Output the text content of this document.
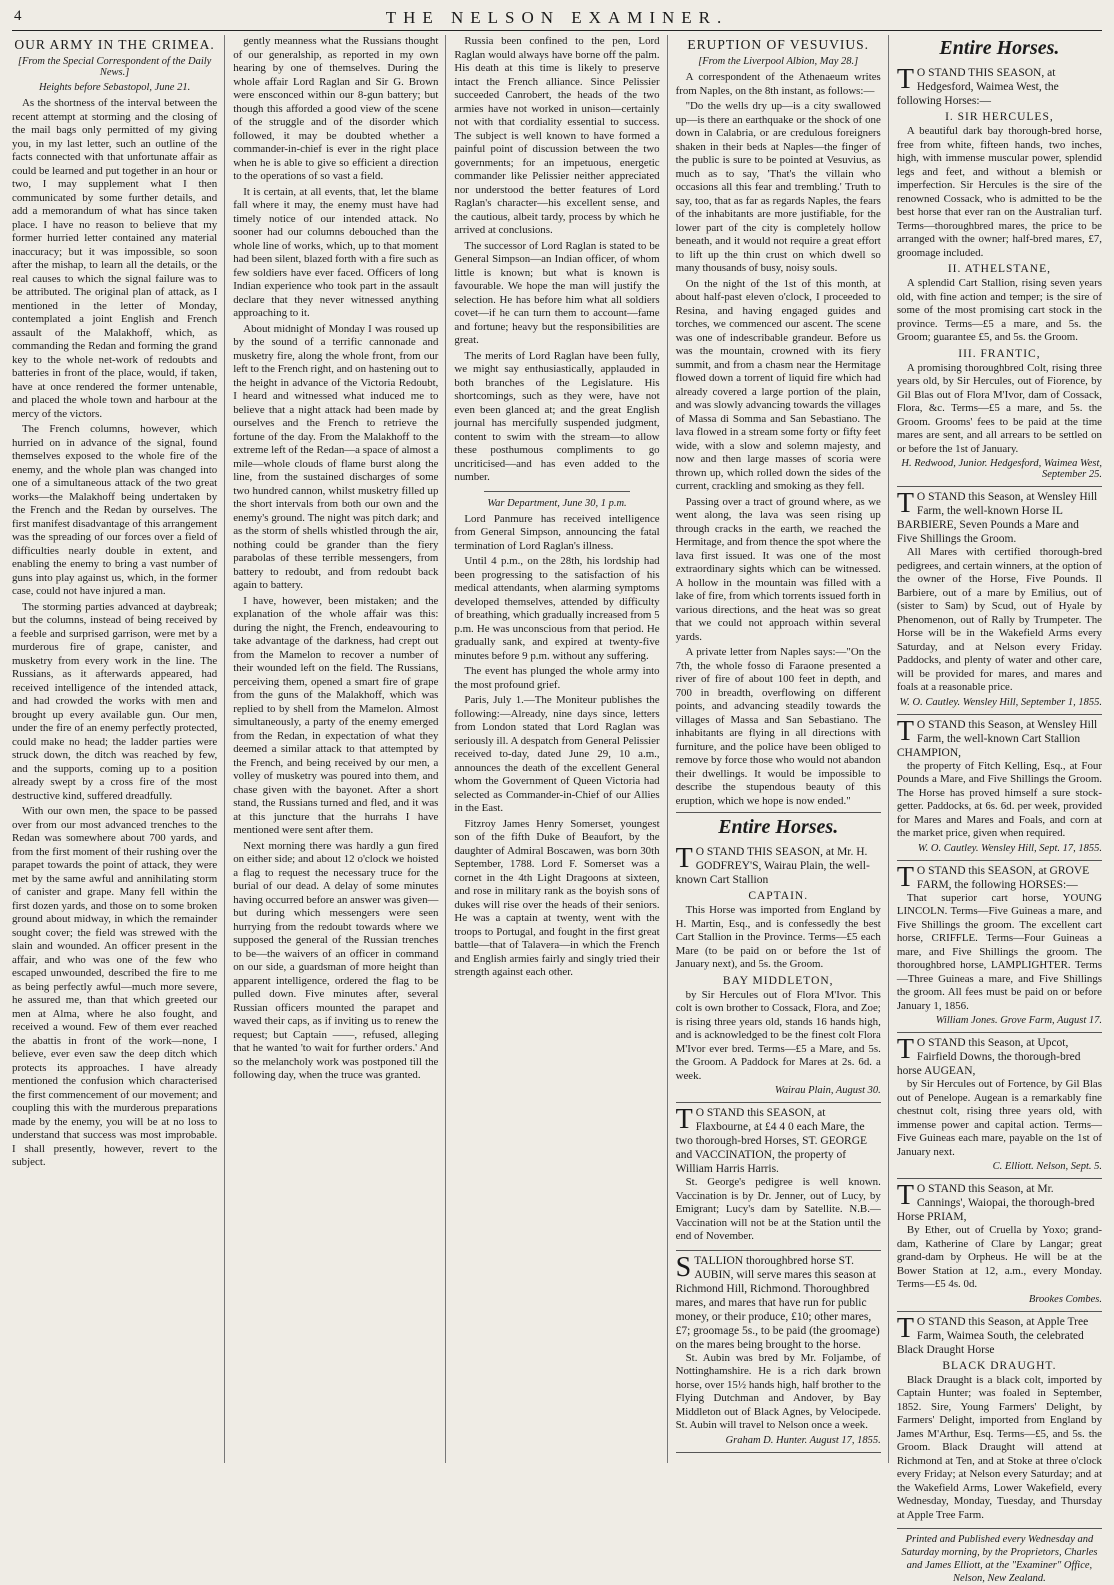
4	THE NELSON EXAMINER.
OUR ARMY IN THE CRIMEA.
[From the Special Correspondent of the Daily News.]
Heights before Sebastopol, June 21.

As the shortness of the interval between the recent attempt at storming and the closing of the mail bags only permitted of my giving you, in my last letter, such an outline of the facts connected with that unfortunate affair as could be learned and put together in an hour or two, I may supplement what I then communicated by some further details, and add a memorandum of what has since taken place. I have no reason to believe that my former hurried letter contained any material inaccuracy; but it was impossible, so soon after the mishap, to learn all the details, or the real causes to which the signal failure was to be attributed. The original plan of attack, as I mentioned in the letter of Monday, contemplated a joint English and French assault of the Malakhoff, which, as commanding the Redan and forming the grand key to the whole net-work of redoubts and batteries in front of the place, would, if taken, have at once rendered the former untenable, and placed the whole town and harbour at the mercy of the victors.

The French columns, however, which hurried on in advance of the signal, found themselves exposed to the whole fire of the enemy, and the whole plan was changed into one of a simultaneous attack of the two great works—the Malakhoff being undertaken by the French and the Redan by ourselves. The first manifest disadvantage of this arrangement was the spreading of our forces over a field of difficulties nearly double in extent, and enabling the enemy to bring a vast number of guns into play against us, which, in the former case, could not have injured a man.

The storming parties advanced at daybreak; but the columns, instead of being received by a feeble and surprised garrison, were met by a murderous fire of grape, canister, and musketry from every work in the line. The Russians, as it afterwards appeared, had received intelligence of the intended attack, and had crowded the works with men and brought up every available gun. Our men, under the fire of an enemy perfectly protected, could make no head; the ladder parties were struck down, the ditch was reached by few, and the supports, coming up to a position already swept by a cross fire of the most destructive kind, suffered dreadfully.

With our own men, the space to be passed over from our most advanced trenches to the Redan was somewhere about 700 yards, and from the first moment of their rushing over the parapet towards the point of attack, they were met by the same awful and annihilating storm of canister and grape. Many fell within the first dozen yards, and those on to some broken ground about midway, in which the remainder sought cover; the field was strewed with the slain and wounded. An officer present in the affair, and who was one of the few who escaped unwounded, described the fire to me as being perfectly awful—much more severe, he assured me, than that which greeted our men at Alma, where he also fought, and received a wound. Few of them ever reached the abattis in front of the work—none, I believe, ever even saw the deep ditch which protects its approaches. I have already mentioned the confusion which characterised the first commencement of our movement; and coupling this with the murderous preparations made by the enemy, you will be at no loss to understand that success was most improbable. I shall presently, however, revert to the subject.

gently meanness what the Russians thought of our generalship, as reported in my own hearing by one of themselves. During the whole affair Lord Raglan and Sir G. Brown were ensconced within our 8-gun battery; but though this afforded a good view of the scene of the struggle and of the disorder which followed, it may be doubted whether a commander-in-chief is ever in the right place when he is able to give so efficient a direction to the operations of so vast a field.

It is certain, at all events, that, let the blame fall where it may, the enemy must have had timely notice of our intended attack. No sooner had our columns debouched than the whole line of works, which, up to that moment had been silent, blazed forth with a fire such as few soldiers have ever faced. Officers of long Indian experience who took part in the assault declare that they never witnessed anything approaching to it.

About midnight of Monday I was roused up by the sound of a terrific cannonade and musketry fire, along the whole front, from our left to the French right, and on hastening out to the height in advance of the Victoria Redoubt, I heard and witnessed what induced me to believe that a night attack had been made by ourselves and the French to retrieve the fortune of the day. From the Malakhoff to the extreme left of the Redan—a space of almost a mile—whole clouds of flame burst along the line, from the sustained discharges of some two hundred cannon, whilst musketry filled up the short intervals from both our own and the enemy's ground. The night was pitch dark; and as the storm of shells whistled through the air, nothing could be grander than the fiery parabolas of these terrible messengers, from battery to redoubt, and from redoubt back again to battery.

I have, however, been mistaken; and the explanation of the whole affair was this: during the night, the French, endeavouring to take advantage of the darkness, had crept out from the Mamelon to recover a number of their wounded left on the field. The Russians, perceiving them, opened a smart fire of grape from the guns of the Malakhoff, which was replied to by shell from the Mamelon. Almost simultaneously, a party of the enemy emerged from the Redan, in expectation of what they deemed a similar attack to that attempted by the French, and being received by our men, a volley of musketry was poured into them, and chase given with the bayonet. After a short stand, the Russians turned and fled, and it was at this juncture that the hurrahs I have mentioned were sent after them.

Next morning there was hardly a gun fired on either side; and about 12 o'clock we hoisted a flag to request the necessary truce for the burial of our dead. A delay of some minutes having occurred before an answer was given—but during which messengers were seen hurrying from the redoubt towards where we supposed the general of the Russian trenches to be—the waivers of an officer in command on our side, a guardsman of more height than apparent intelligence, ordered the flag to be pulled down. Five minutes after, several Russian officers mounted the parapet and waved their caps, as if inviting us to renew the request; but Captain ——, refused, alleging that he wanted 'to wait for further orders.' And so the melancholy work was postponed till the following day, when the truce was granted.

Russia been confined to the pen, Lord Raglan would always have borne off the palm. His death at this time is likely to preserve intact the French alliance. Since Pelissier succeeded Canrobert, the heads of the two armies have not worked in unison—certainly not with that cordiality essential to success. The subject is well known to have formed a painful point of discussion between the two governments; for an impetuous, energetic commander like Pelissier neither appreciated nor understood the better features of Lord Raglan's character—his excellent sense, and the cautious, albeit tardy, process by which he arrived at conclusions.

The successor of Lord Raglan is stated to be General Simpson—an Indian officer, of whom little is known; but what is known is favourable. We hope the man will justify the selection. He has before him what all soldiers covet—if he can turn them to account—fame and fortune; heavy but the responsibilities are great.

The merits of Lord Raglan have been fully, we might say enthusiastically, applauded in both branches of the Legislature. His shortcomings, such as they were, have not even been glanced at; and the great English journal has mercifully suspended judgment, content to swim with the stream—to allow these posthumous compliments to go uncriticised—and has even added to the number.

War Department, June 30, 1 p.m.

Lord Panmure has received intelligence from General Simpson, announcing the fatal termination of Lord Raglan's illness.

Until 4 p.m., on the 28th, his lordship had been progressing to the satisfaction of his medical attendants, when alarming symptoms developed themselves, attended by difficulty of breathing, which gradually increased from 5 p.m. He was unconscious from that period. He gradually sank, and expired at twenty-five minutes before 9 p.m. without any suffering.

The event has plunged the whole army into the most profound grief.

Paris, July 1.—The Moniteur publishes the following:—Already, nine days since, letters from London stated that Lord Raglan was seriously ill. A despatch from General Pelissier received to-day, dated June 29, 10 a.m., announces the death of the excellent General whom the Government of Queen Victoria had selected as Commander-in-Chief of our Allies in the East.

Fitzroy James Henry Somerset, youngest son of the fifth Duke of Beaufort, by the daughter of Admiral Boscawen, was born 30th September, 1788. Lord F. Somerset was a cornet in the 4th Light Dragoons at sixteen, and rose in military rank as the boyish sons of dukes will rise over the heads of their seniors. He was a captain at twenty, went with the troops to Portugal, and fought in the first great battle—that of Talavera—in which the French and English armies fairly and singly tried their strength against each other.

ERUPTION OF VESUVIUS.
[From the Liverpool Albion, May 28.]

A correspondent of the Athenaeum writes from Naples, on the 8th instant, as follows:—

"Do the wells dry up—is a city swallowed up—is there an earthquake or the shock of one down in Calabria, or are credulous foreigners shaken in their beds at Naples—the finger of the public is sure to be pointed at Vesuvius, as much as to say, 'That's the villain who occasions all this fear and trembling.' Truth to say, too, that as far as regards Naples, the fears of the inhabitants are more justifiable, for the lower part of the city is completely hollow beneath, and it would not require a great effort to lift up the thin crust on which dwell so many thousands of busy, noisy souls.

On the night of the 1st of this month, at about half-past eleven o'clock, I proceeded to Resina, and having engaged guides and torches, we commenced our ascent. The scene was one of indescribable grandeur. Before us was the mountain, crowned with its fiery summit, and from a chasm near the Hermitage flowed down a torrent of liquid fire which had already covered a large portion of the plain, and was slowly advancing towards the villages of Massa di Somma and San Sebastiano. The lava flowed in a stream some forty or fifty feet wide, with a slow and solemn majesty, and now and then large masses of scoria were thrown up, which rolled down the sides of the current, crackling and smoking as they fell.

Passing over a tract of ground where, as we went along, the lava was seen rising up through cracks in the earth, we reached the Hermitage, and from thence the spot where the lava first issued. It was one of the most extraordinary sights which can be witnessed. A hollow in the mountain was filled with a lake of fire, from which torrents issued forth in various directions, and the heat was so great that we could not approach within several yards.

A private letter from Naples says:—"On the 7th, the whole fosso di Faraone presented a river of fire of about 100 feet in depth, and 700 in breadth, overflowing on different points, and advancing steadily towards the villages of Massa and San Sebastiano. The inhabitants are flying in all directions with furniture, and the police have been obliged to remove by force those who would not abandon their dwellings. It would be impossible to describe the stupendous beauty of this eruption, which we hope is now ended."

Entire Horses.
T O STAND THIS SEASON, at Mr. H. GODFREY'S, Wairau Plain, the well-known Cart Stallion
CAPTAIN.

This Horse was imported from England by H. Martin, Esq., and is confessedly the best Cart Stallion in the Province. Terms—£5 each Mare (to be paid on or before the 1st of January next), and 5s. the Groom.

BAY MIDDLETON,

by Sir Hercules out of Flora M'Ivor. This colt is own brother to Cossack, Flora, and Zoe; is rising three years old, stands 16 hands high, and is acknowledged to be the finest colt Flora M'Ivor ever bred. Terms—£5 a Mare, and 5s. the Groom. A Paddock for Mares at 2s. 6d. a week.

Wairau Plain, August 30.
T O STAND this SEASON, at Flaxbourne, at £4 4 0 each Mare, the two thorough-bred Horses, ST. GEORGE and VACCINATION, the property of William Harris Harris.

St. George's pedigree is well known. Vaccination is by Dr. Jenner, out of Lucy, by Emigrant; Lucy's dam by Satellite. N.B.—Vaccination will not be at the Station until the end of November.

STALLION thoroughbred horse ST. AUBIN, will serve mares this season at Richmond Hill, Richmond. Thoroughbred mares, and mares that have run for public money, or their produce, £10; other mares, £7; groomage 5s., to be paid (the groomage) on the mares being brought to the horse.

St. Aubin was bred by Mr. Foljambe, of Nottinghamshire. He is a rich dark brown horse, over 15½ hands high, half brother to the Flying Dutchman and Andover, by Bay Middleton out of Black Agnes, by Velocipede. St. Aubin will travel to Nelson once a week.

Graham D. Hunter. August 17, 1855.
Entire Horses.
T O STAND THIS SEASON, at Hedgesford, Waimea West, the following Horses:—
I. SIR HERCULES,

A beautiful dark bay thorough-bred horse, free from white, fifteen hands, two inches, high, with immense muscular power, splendid legs and feet, and without a blemish or imperfection. Sir Hercules is the sire of the renowned Cossack, who is admitted to be the best horse that ever ran on the Australian turf. Terms—thoroughbred mares, the price to be arranged with the owner; half-bred mares, £7, groomage included.

II. ATHELSTANE,

A splendid Cart Stallion, rising seven years old, with fine action and temper; is the sire of some of the most promising cart stock in the province. Terms—£5 a mare, and 5s. the Groom; guarantee £5, and 5s. the Groom.

III. FRANTIC,

A promising thoroughbred Colt, rising three years old, by Sir Hercules, out of Fiorence, by Gil Blas out of Flora M'Ivor, dam of Cossack, Flora, &c. Terms—£5 a mare, and 5s. the Groom. Grooms' fees to be paid at the time mares are sent, and all arrears to be settled on or before the 1st of January.

H. Redwood, Junior. Hedgesford, Waimea West, September 25.
T O STAND this Season, at Wensley Hill Farm, the well-known Horse IL BARBIERE, Seven Pounds a Mare and Five Shillings the Groom.

All Mares with certified thorough-bred pedigrees, and certain winners, at the option of the owner of the Horse, Five Pounds. Il Barbiere, out of a mare by Emilius, out of (sister to Sam) by Scud, out of Hyale by Phenomenon, out of Rally by Trumpeter. The Horse will be in the Wakefield Arms every Saturday, and at Nelson every Friday. Paddocks, and plenty of water and other care, will be provided for mares, and mares and foals at a reasonable price.

W. O. Cautley. Wensley Hill, September 1, 1855.
T O STAND this Season, at Wensley Hill Farm, the well-known Cart Stallion CHAMPION,

the property of Fitch Kelling, Esq., at Four Pounds a Mare, and Five Shillings the Groom. The Horse has proved himself a sure stock-getter. Paddocks, at 6s. 6d. per week, provided for Mares and Mares and Foals, and corn at the market price, given when required.

W. O. Cautley. Wensley Hill, Sept. 17, 1855.
T O STAND this SEASON, at GROVE FARM, the following HORSES:—

That superior cart horse, YOUNG LINCOLN. Terms—Five Guineas a mare, and Five Shillings the groom. The excellent cart horse, CRIFFLE. Terms—Four Guineas a mare, and Five Shillings the groom. The thoroughbred horse, LAMPLIGHTER. Terms—Three Guineas a mare, and Five Shillings the groom. All fees must be paid on or before January 1, 1856.

William Jones. Grove Farm, August 17.
T O STAND this Season, at Upcot, Fairfield Downs, the thorough-bred horse AUGEAN,

by Sir Hercules out of Fortence, by Gil Blas out of Penelope. Augean is a remarkably fine chestnut colt, rising three years old, with immense power and capital action. Terms—Five Guineas each mare, payable on the 1st of January next.

C. Elliott. Nelson, Sept. 5.
T O STAND this Season, at Mr. Cannings', Waiopai, the thorough-bred Horse PRIAM,

By Ether, out of Cruella by Yoxo; grand-dam, Katherine of Clare by Langar; great grand-dam by Orpheus. He will be at the Bower Station at 12, a.m., every Monday. Terms—£5 4s. 0d.

Brookes Combes.
T O STAND this Season, at Apple Tree Farm, Waimea South, the celebrated Black Draught Horse
BLACK DRAUGHT.

Black Draught is a black colt, imported by Captain Hunter; was foaled in September, 1852. Sire, Young Farmers' Delight, by Farmers' Delight, imported from England by James M'Arthur, Esq. Terms—£5, and 5s. the Groom. Black Draught will attend at Richmond at Ten, and at Stoke at three o'clock every Friday; at Nelson every Saturday; and at the Wakefield Arms, Lower Wakefield, every Wednesday, Monday, Tuesday, and Thursday at Apple Tree Farm.

Printed and Published every Wednesday and Saturday morning, by the Proprietors, Charles and James Elliott, at the "Examiner" Office, Nelson, New Zealand.
